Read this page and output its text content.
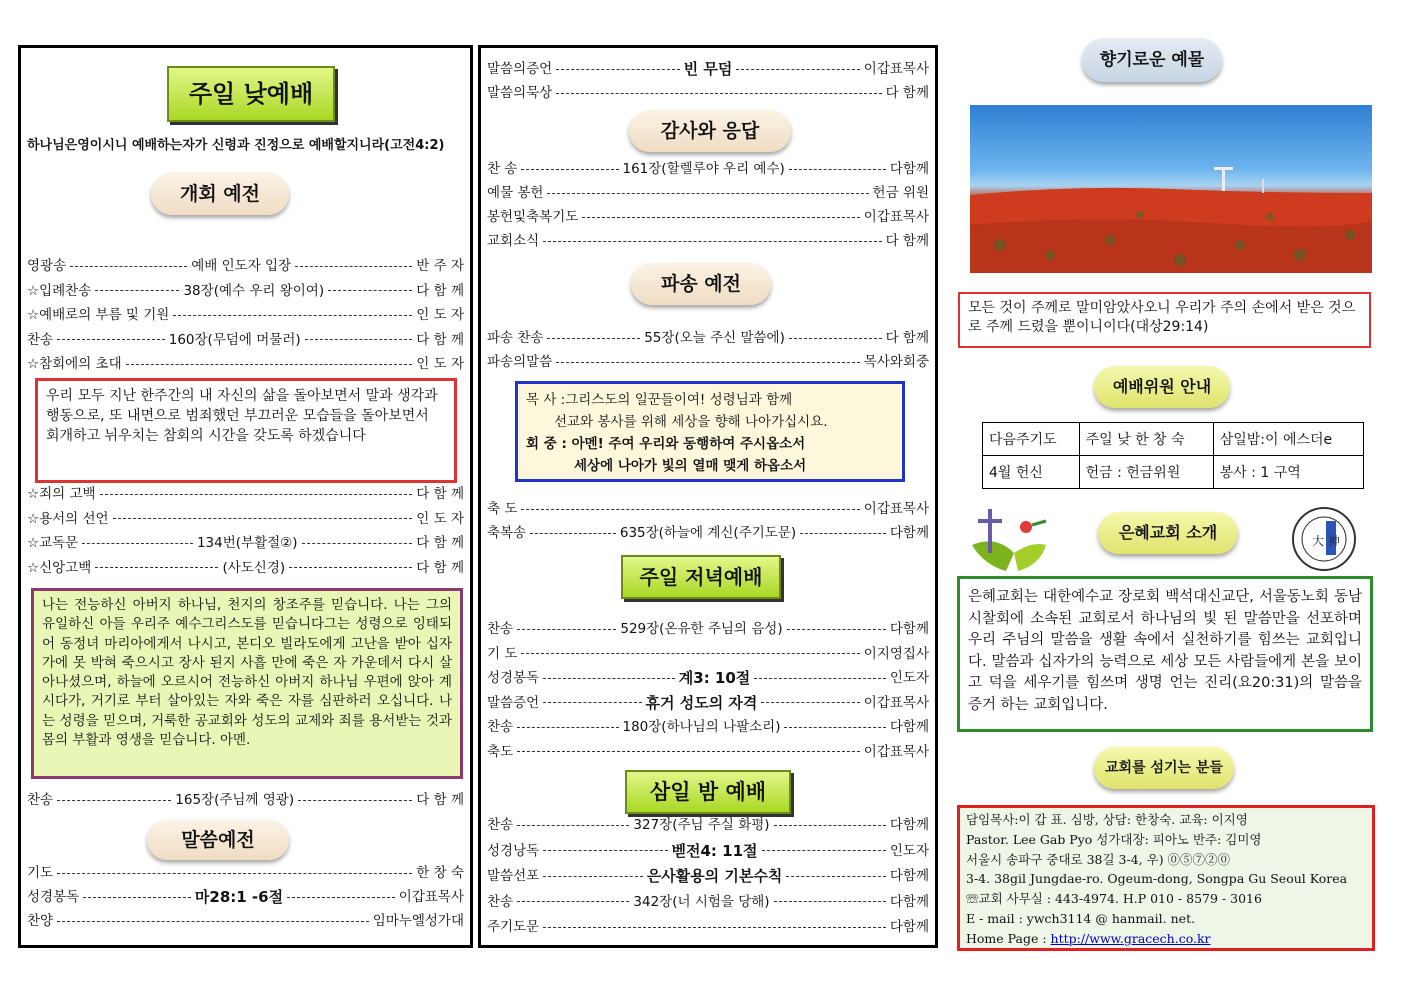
주일 낮예배
하나님은영이시니 예배하는자가 신령과 진정으로 예배할지니라(고전4:2)
개회 예전
영광송	예배 인도자 입장	반 주 자
☆입례찬송	38장(예수 우리 왕이여)	다 함 께
☆예배로의 부름 및 기원	인 도 자
찬송	160장(무덤에 머물러)	다 함 께
☆참회에의 초대	인 도 자
우리 모두 지난 한주간의 내 자신의 삶을 돌아보면서 말과 생각과 행동으로, 또 내면으로 범죄했던 부끄러운 모습들을 돌아보면서 회개하고 뉘우치는 참회의 시간을 갖도록 하겠습니다
☆죄의 고백	다 함 께
☆용서의 선언	인 도 자
☆교독문	134번(부활절②)	다 함 께
☆신앙고백	(사도신경)	다 함 께
나는 전능하신 아버지 하나님, 천지의 창조주를 믿습니다. 나는 그의 유일하신 아들 우리주 예수그리스도를 믿습니다그는 성령으로 잉태되어 동정녀 마리아에게서 나시고, 본디오 빌라도에게 고난을 받아 십자가에 못 박혀 죽으시고 장사 된지 사흘 만에 죽은 자 가운데서 다시 살아나셨으며, 하늘에 오르시어 전능하신 아버지 하나님 우편에 앉아 계시다가, 거기로 부터 살아있는 자와 죽은 자를 심판하러 오십니다. 나는 성령을 믿으며, 거룩한 공교회와 성도의 교제와 죄를 용서받는 것과 몸의 부활과 영생을 믿습니다. 아멘.
찬송	165장(주님께 영광)	다 함 께
말씀예전
기도	한 창 숙
성경봉독	마28:1 -6절	이갑표목사
찬양	임마누엘성가대
말씀의증언	빈 무덤	이갑표목사
말씀의묵상	다 함께
감사와 응답
찬 송	161장(할렐루야 우리 예수)	다함께
예물 봉헌	헌금 위원
봉헌및축복기도	이갑표목사
교회소식	다 함께
파송 예전
파송 찬송	55장(오늘 주신 말씀에)	다 함께
파송의말씀	목사와회중
목 사 :그리스도의 일꾼들이여! 성령님과 함께
선교와 봉사를 위해 세상을 향해 나아가십시요.
회 중 : 아멘! 주여 우리와 동행하여 주시옵소서
세상에 나아가 빛의 열매 맺게 하옵소서
축 도	이갑표목사
축복송	635장(하늘에 계신(주기도문)	다함께
주일 저녁예배
찬송	529장(온유한 주님의 음성)	다함께
기 도	이지영집사
성경봉독	계3: 10절	인도자
말씀증언	휴거 성도의 자격	이갑표목사
찬송	180장(하나님의 나팔소리)	다함께
축도	이갑표목사
삼일 밤 예배
찬송	327장(주님 주실 화평)	다함께
성경낭독	벧전4: 11절	인도자
말씀선포	은사활용의 기본수칙	다함께
찬송	342장(너 시험을 당해)	다함께
주기도문	다함께
향기로운 예물
모든 것이 주께로 말미암았사오니 우리가 주의 손에서 받은 것으로 주께 드렸을 뿐이니이다(대상29:14)
예배위원 안내
다음주기도	주일 낮 한 창 숙	삼일밤:이 에스더e
4월 헌신	헌금 : 헌금위원	봉사 : 1 구역
은혜교회 소개	大 神
은혜교회는 대한예수교 장로회 백석대신교단, 서울동노회 동남시찰회에 소속된 교회로서 하나님의 빛 된 말씀만을 선포하며 우리 주님의 말씀을 생활 속에서 실천하기를 힘쓰는 교회입니다. 말씀과 십자가의 능력으로 세상 모든 사람들에게 본을 보이고 덕을 세우기를 힘쓰며 생명 언는 진리(요20:31)의 말씀을 증거 하는 교회입니다.
교회를 섬기는 분들
담임목사:이 갑 표. 심방, 상담: 한창숙. 교육: 이지영
Pastor. Lee Gab Pyo 성가대장: 피아노 반주: 김미영
서울시 송파구 중대로 38길 3-4, 우) ⓪⑤⑦②⓪
3-4. 38gil Jungdae-ro. Ogeum-dong, Songpa Gu Seoul Korea
☏교회 사무실 : 443-4974. H.P 010 - 8579 - 3016
E - mail : ywch3114 @ hanmail. net.
Home Page : http://www.gracech.co.kr
